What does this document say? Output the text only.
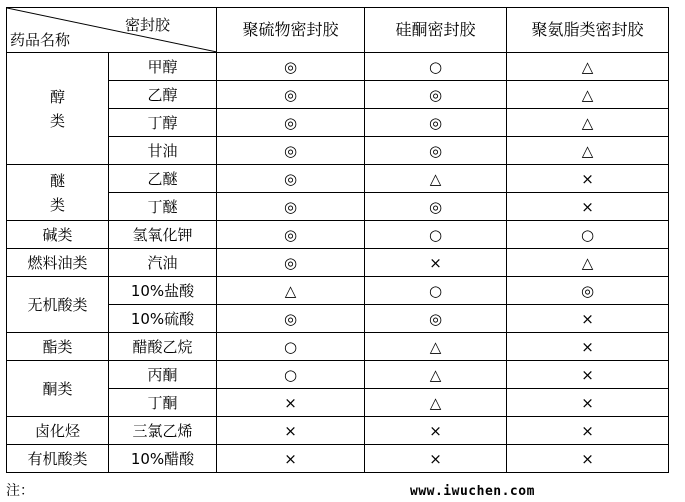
密封胶
药品名称		聚硫物密封胶	硅酮密封胶	聚氨脂类密封胶

醇
类	甲醇	◎	○	△
	乙醇	◎	◎	△
	丁醇	◎	◎	△
	甘油	◎	◎	△

醚
类	乙醚	◎	△	×
	丁醚	◎	◎	×

碱类	氢氧化钾	◎	○	○

燃料油类	汽油	◎	×	△

无机酸类	10%盐酸	△	○	◎
	10%硫酸	◎	◎	×

酯类	醋酸乙烷	○	△	×

酮类	丙酮	○	△	×
	丁酮	×	△	×

卤化烃	三氯乙烯	×	×	×

有机酸类	10%醋酸	×	×	×
注：	www.iwuchen.com
